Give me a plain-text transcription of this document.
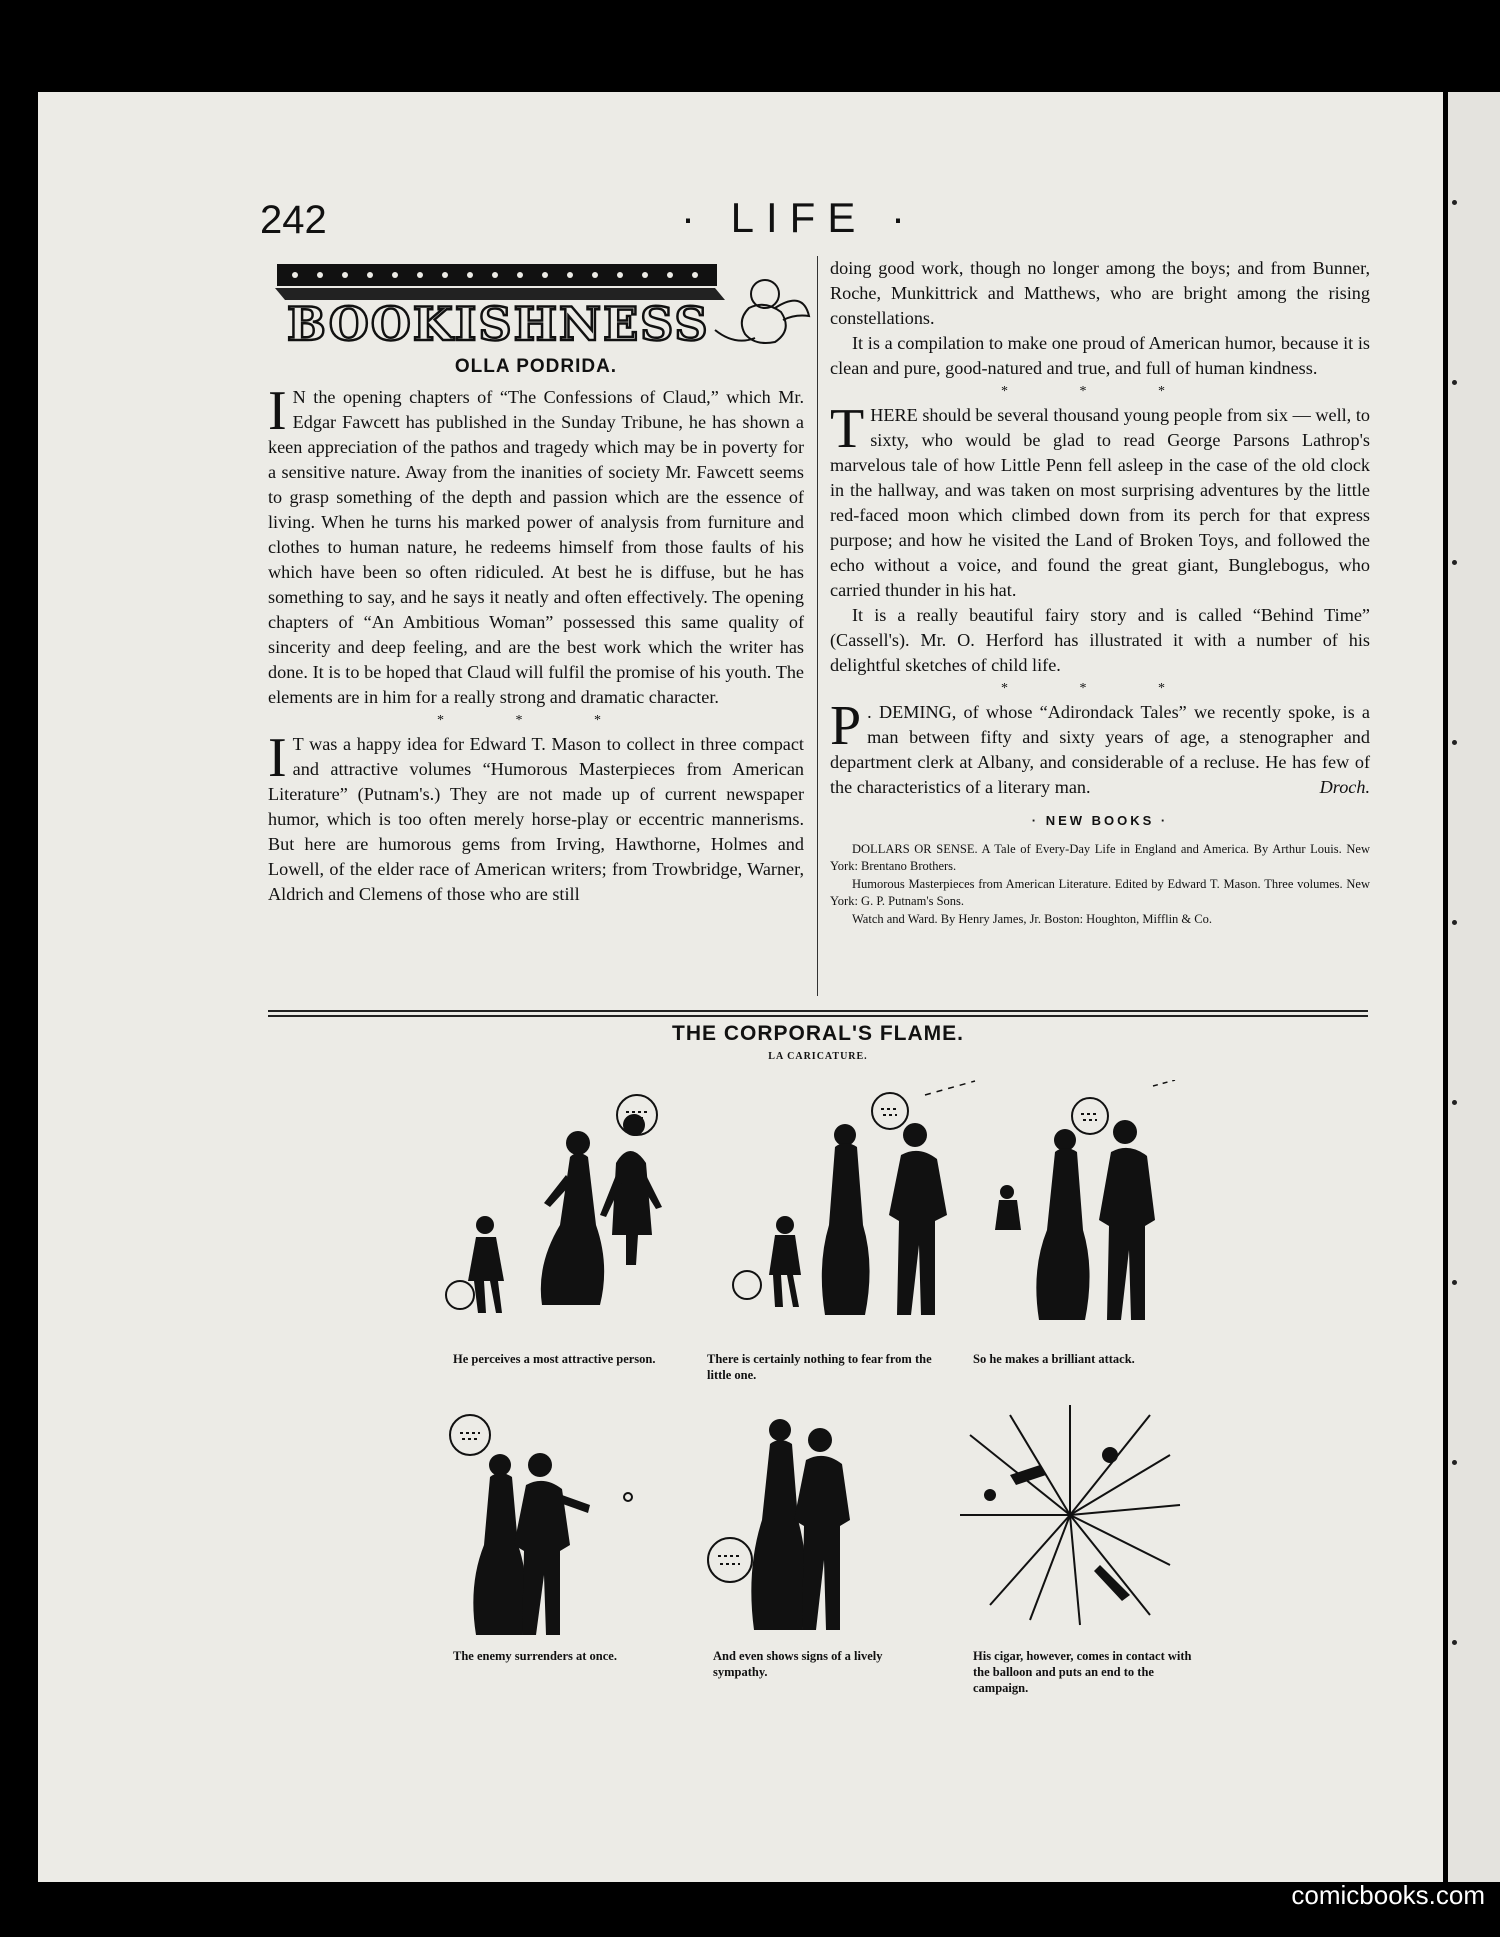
242	· LIFE ·
BOOKISHNESS
OLLA PODRIDA.

I N the opening chapters of “The Confessions of Claud,” which Mr. Edgar Fawcett has published in the Sunday Tribune, he has shown a keen appreciation of the pathos and tragedy which may be in poverty for a sensitive nature. Away from the inanities of society Mr. Fawcett seems to grasp something of the depth and passion which are the essence of living. When he turns his marked power of analysis from furniture and clothes to human nature, he redeems himself from those faults of his which have been so often ridiculed. At best he is diffuse, but he has something to say, and he says it neatly and often effectively. The opening chapters of “An Ambitious Woman” possessed this same quality of sincerity and deep feeling, and are the best work which the writer has done. It is to be hoped that Claud will fulfil the promise of his youth. The elements are in him for a really strong and dramatic character.

* * *

I T was a happy idea for Edward T. Mason to collect in three compact and attractive volumes “Humorous Masterpieces from American Literature” (Putnam's.) They are not made up of current newspaper humor, which is too often merely horse-play or eccentric mannerisms. But here are humorous gems from Irving, Hawthorne, Holmes and Lowell, of the elder race of American writers; from Trowbridge, Warner, Aldrich and Clemens of those who are still

doing good work, though no longer among the boys; and from Bunner, Roche, Munkittrick and Matthews, who are bright among the rising constellations.

It is a compilation to make one proud of American humor, because it is clean and pure, good-natured and true, and full of human kindness.

* * *

THERE should be several thousand young people from six — well, to sixty, who would be glad to read George Parsons Lathrop's marvelous tale of how Little Penn fell asleep in the case of the old clock in the hallway, and was taken on most surprising adventures by the little red-faced moon which climbed down from its perch for that express purpose; and how he visited the Land of Broken Toys, and followed the echo without a voice, and found the great giant, Bunglebogus, who carried thunder in his hat.

It is a really beautiful fairy story and is called “Behind Time” (Cassell's). Mr. O. Herford has illustrated it with a number of his delightful sketches of child life.

* * *

P . DEMING, of whose “Adirondack Tales” we recently spoke, is a man between fifty and sixty years of age, a stenographer and department clerk at Albany, and considerable of a recluse. He has few of the characteristics of a literary man.	Droch.

· NEW BOOKS ·

DOLLARS OR SENSE. A Tale of Every-Day Life in England and America. By Arthur Louis. New York: Brentano Brothers.

Humorous Masterpieces from American Literature. Edited by Edward T. Mason. Three volumes. New York: G. P. Putnam's Sons.

Watch and Ward. By Henry James, Jr. Boston: Houghton, Mifflin & Co.

THE CORPORAL'S FLAME.
LA CARICATURE.
He perceives a most attractive person.	There is certainly nothing to fear from the little one.
So he makes a brilliant attack.
The enemy surrenders at once.	And even shows signs of a lively sympathy.
His cigar, however, comes in contact with the balloon and puts an end to the campaign.
comicbooks.com
